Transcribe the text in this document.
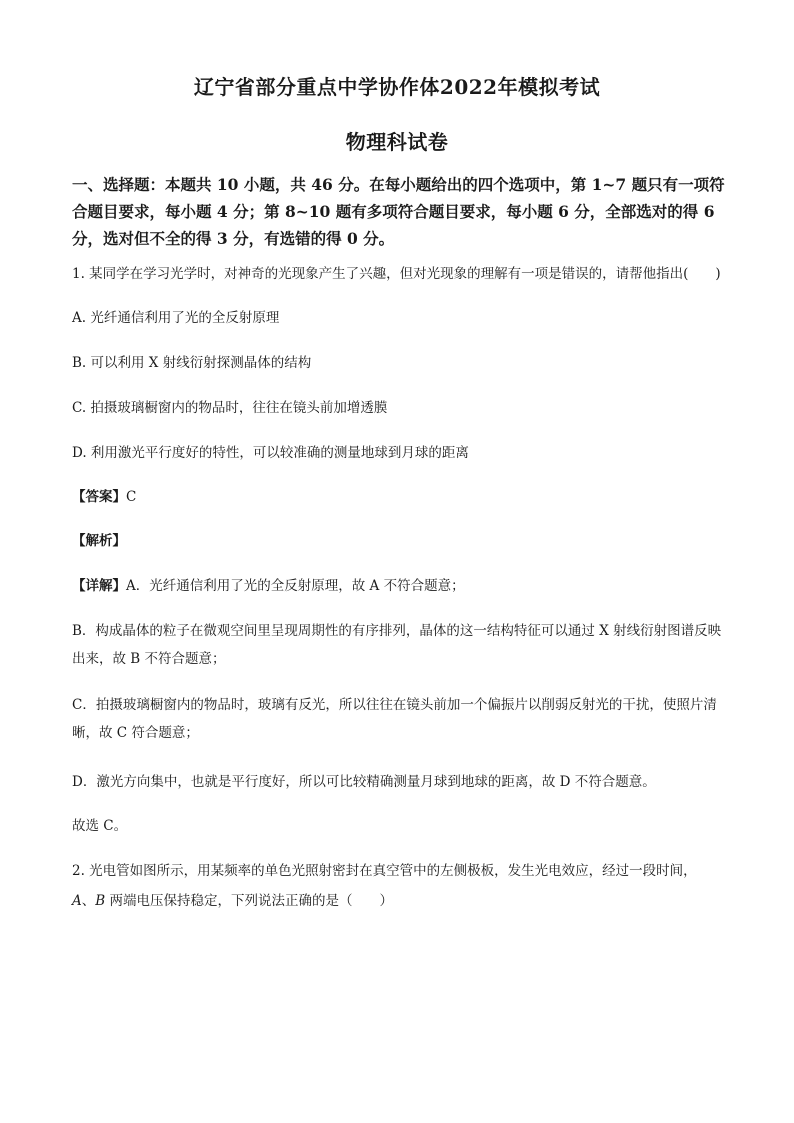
辽宁省部分重点中学协作体2022年模拟考试
物理科试卷
一、选择题：本题共 10 小题，共 46 分。在每小题给出的四个选项中，第 1~7 题只有一项符合题目要求，每小题 4 分；第 8~10 题有多项符合题目要求，每小题 6 分，全部选对的得 6 分，选对但不全的得 3 分，有选错的得 0 分。
1. 某同学在学习光学时，对神奇的光现象产生了兴趣，但对光现象的理解有一项是错误的，请帮他指出(　　)
A. 光纤通信利用了光的全反射原理
B. 可以利用 X 射线衍射探测晶体的结构
C. 拍摄玻璃橱窗内的物品时，往往在镜头前加增透膜
D. 利用激光平行度好的特性，可以较准确的测量地球到月球的距离
【答案】C
【解析】
【详解】A．光纤通信利用了光的全反射原理，故 A 不符合题意；
B．构成晶体的粒子在微观空间里呈现周期性的有序排列，晶体的这一结构特征可以通过 X 射线衍射图谱反映出来，故 B 不符合题意；
C．拍摄玻璃橱窗内的物品时，玻璃有反光，所以往往在镜头前加一个偏振片以削弱反射光的干扰，使照片清晰，故 C 符合题意；
D．激光方向集中，也就是平行度好，所以可比较精确测量月球到地球的距离，故 D 不符合题意。
故选 C。
2. 光电管如图所示，用某频率的单色光照射密封在真空管中的左侧极板，发生光电效应，经过一段时间，
A、B 两端电压保持稳定，下列说法正确的是（　　）
